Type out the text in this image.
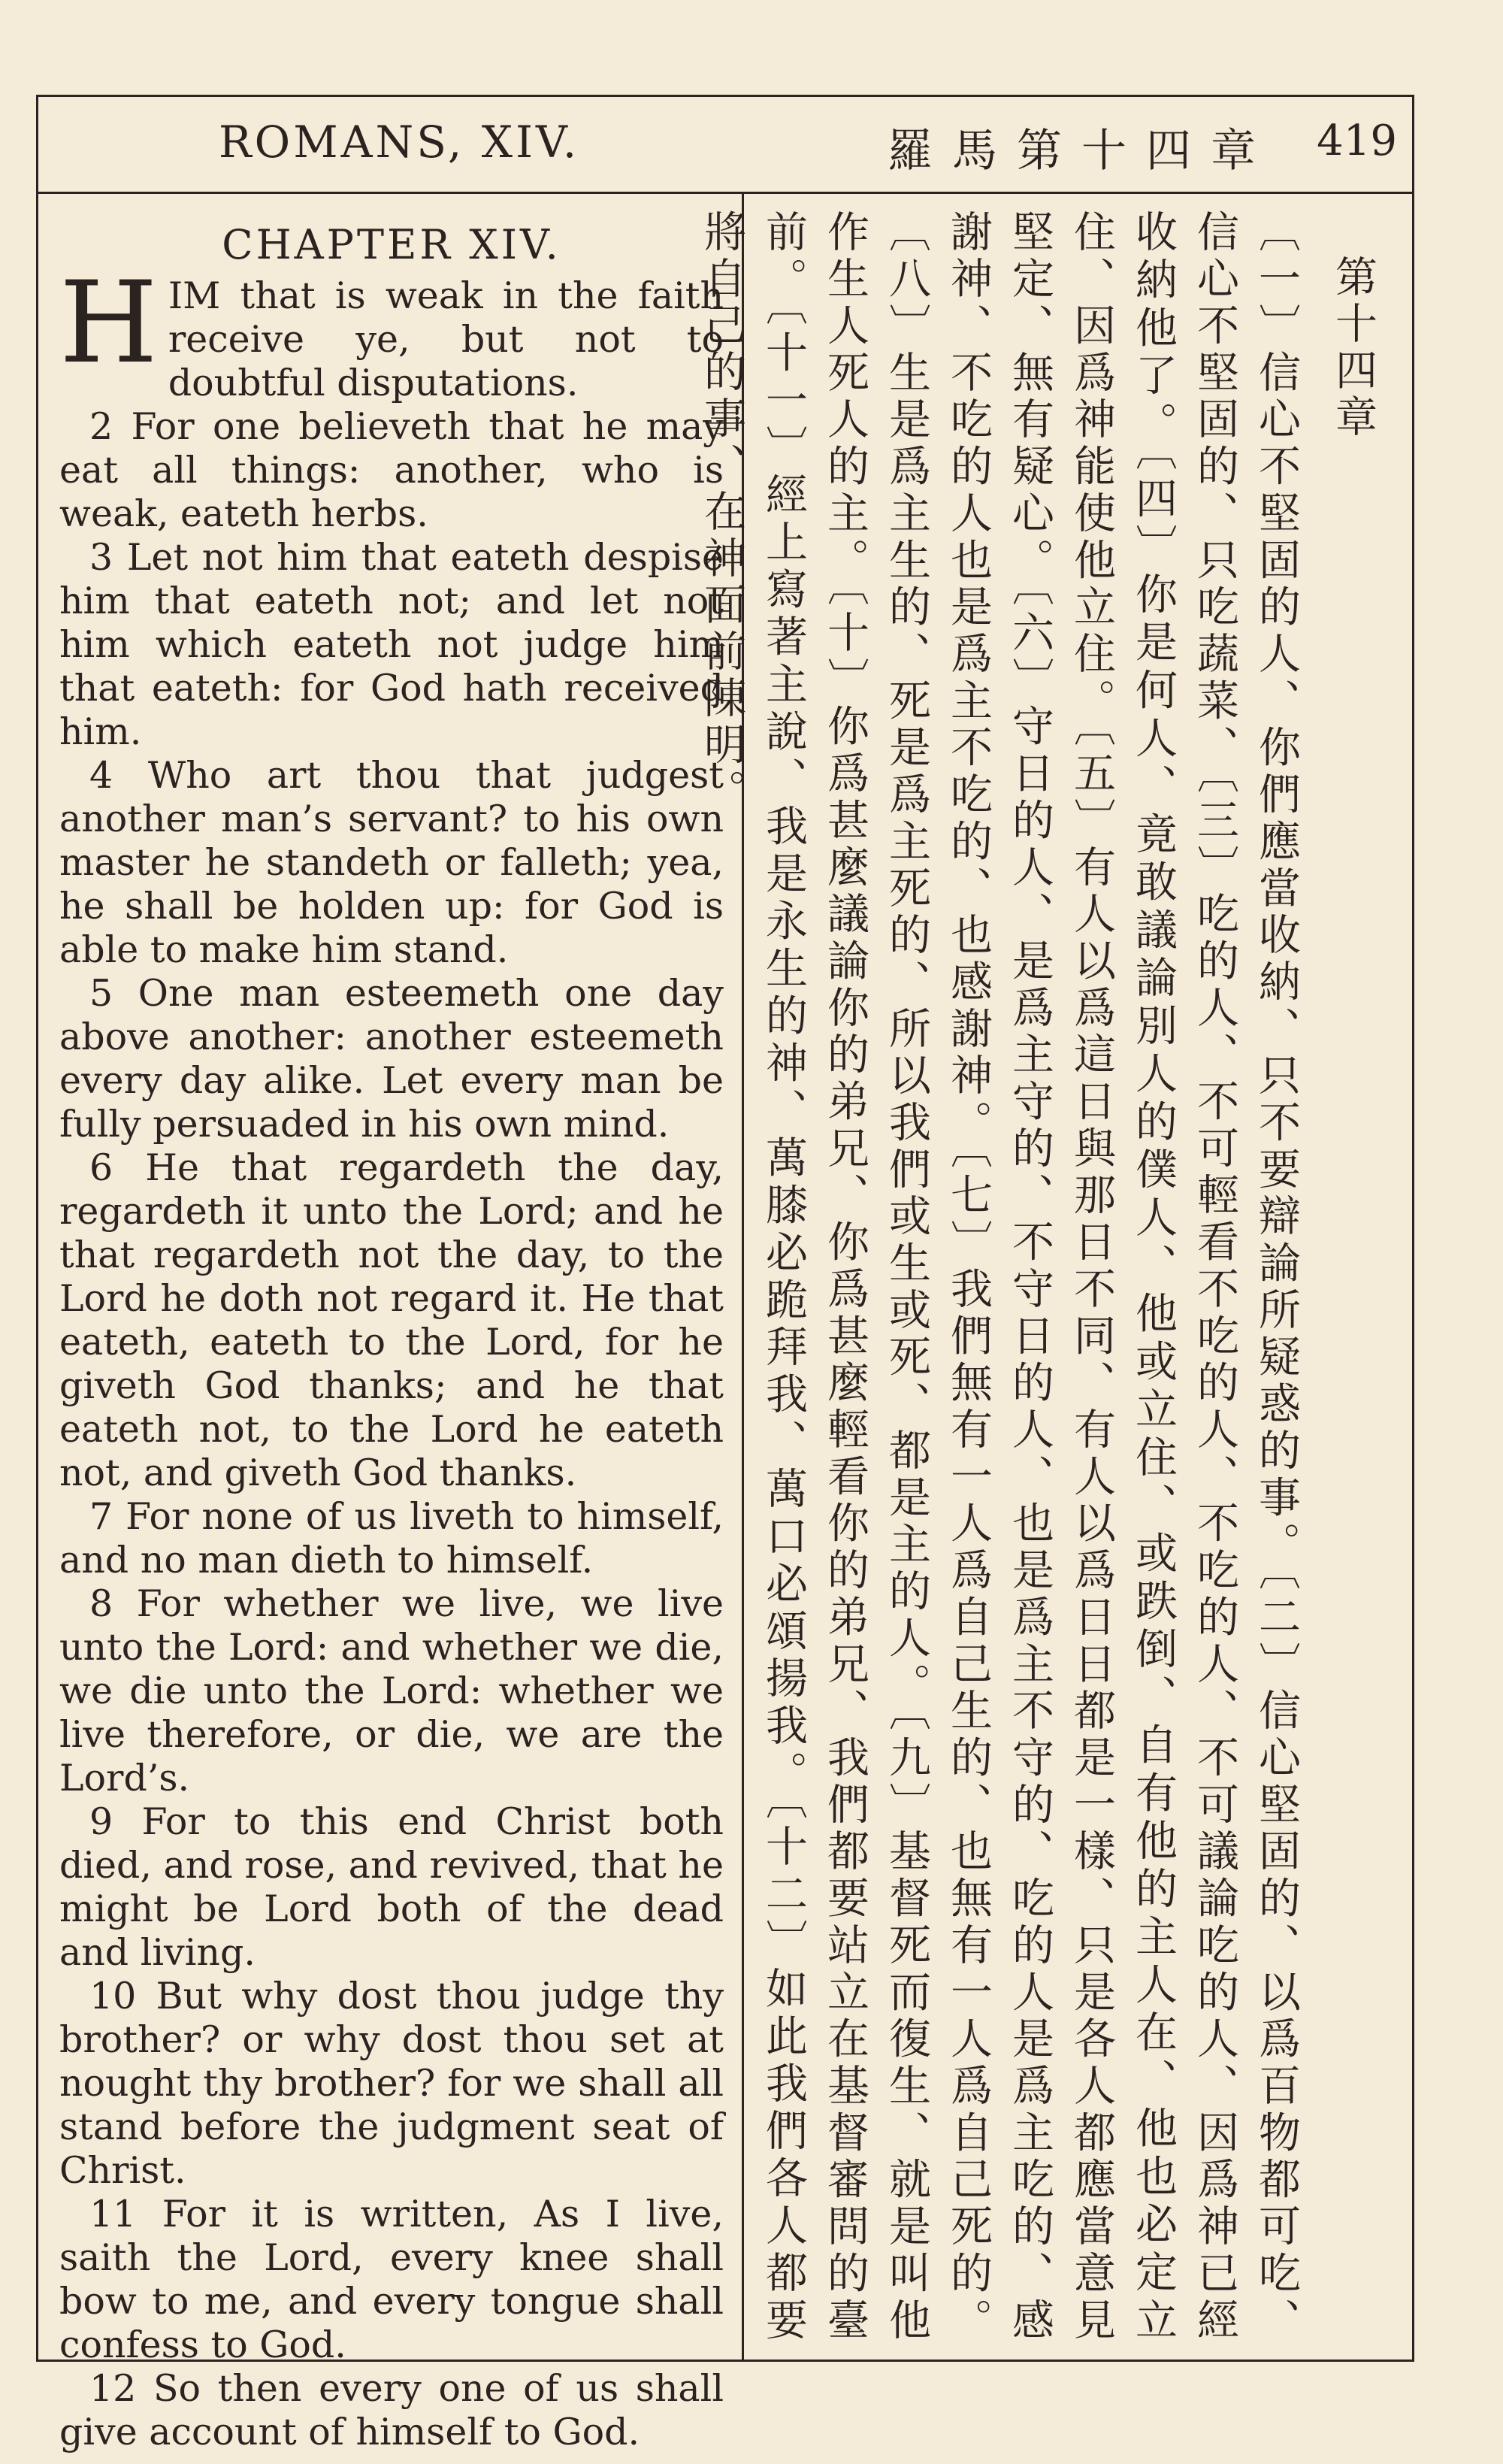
ROMANS, XIV.	羅馬第十四章 419
CHAPTER XIV.

HIM that is weak in the faith receive ye, but not to doubtful disputations.

2 For one believeth that he may eat all things: another, who is weak, eateth herbs.

3 Let not him that eateth despise him that eateth not; and let not him which eateth not judge him that eateth: for God hath received him.

4 Who art thou that judgest another man’s servant? to his own master he standeth or falleth; yea, he shall be holden up: for God is able to make him stand.

5 One man esteemeth one day above another: another esteemeth every day alike. Let every man be fully persuaded in his own mind.

6 He that regardeth the day, regardeth it unto the Lord; and he that regardeth not the day, to the Lord he doth not regard it. He that eateth, eateth to the Lord, for he giveth God thanks; and he that eateth not, to the Lord he eateth not, and giveth God thanks.

7 For none of us liveth to himself, and no man dieth to himself.

8 For whether we live, we live unto the Lord: and whether we die, we die unto the Lord: whether we live therefore, or die, we are the Lord’s.

9 For to this end Christ both died, and rose, and revived, that he might be Lord both of the dead and living.

10 But why dost thou judge thy brother? or why dost thou set at nought thy brother? for we shall all stand before the judgment seat of Christ.

11 For it is written, As I live, saith the Lord, every knee shall bow to me, and every tongue shall confess to God.

12 So then every one of us shall give account of himself to God.

第十四章

〔一〕信心不堅固的人、你們應當收納、只不要辯論所疑惑的事。〔二〕信心堅固的、以爲百物都可吃、信心不堅固的、只吃蔬菜、〔三〕吃的人、不可輕看不吃的人、不吃的人、不可議論吃的人、因爲神已經收納他了。〔四〕你是何人、竟敢議論別人的僕人、他或立住、或跌倒、自有他的主人在、他也必定立住、因爲神能使他立住。〔五〕有人以爲這日與那日不同、有人以爲日日都是一樣、只是各人都應當意見堅定、無有疑心。〔六〕守日的人、是爲主守的、不守日的人、也是爲主不守的、吃的人是爲主吃的、感謝神、不吃的人也是爲主不吃的、也感謝神。〔七〕我們無有一人爲自己生的、也無有一人爲自己死的。〔八〕生是爲主生的、死是爲主死的、所以我們或生或死、都是主的人。〔九〕基督死而復生、就是叫他作生人死人的主。〔十〕你爲甚麼議論你的弟兄、你爲甚麼輕看你的弟兄、我們都要站立在基督審問的臺前。〔十一〕經上寫著主說、我是永生的神、萬膝必跪拜我、萬口必頌揚我。〔十二〕如此我們各人都要將自己的事、在神面前陳明。
